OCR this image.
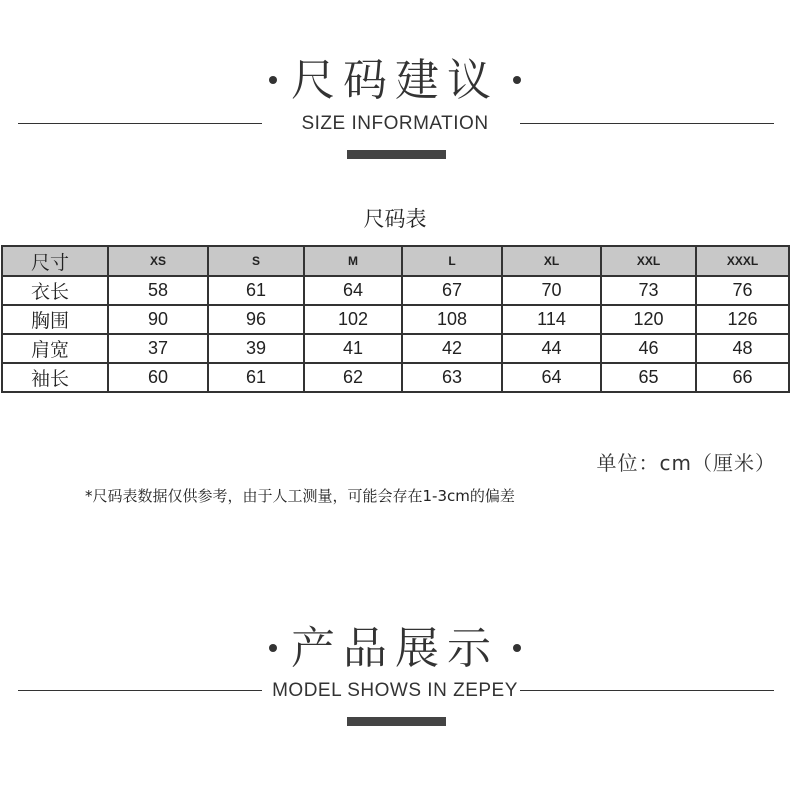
尺码建议
SIZE INFORMATION
尺码表
尺寸	XS	S	M	L	XL	XXL	XXXL
衣长	58	61	64	67	70	73	76
胸围	90	96	102	108	114	120	126
肩宽	37	39	41	42	44	46	48
袖长	60	61	62	63	64	65	66
单位：cm（厘米）
*尺码表数据仅供参考，由于人工测量，可能会存在1-3cm的偏差
产品展示
MODEL SHOWS IN ZEPEY
